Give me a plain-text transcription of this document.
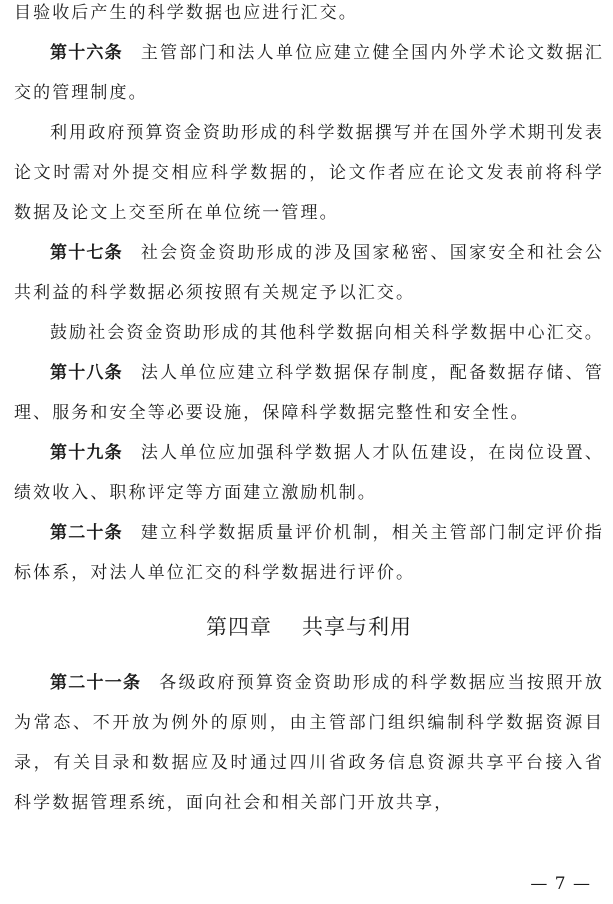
目验收后产生的科学数据也应进行汇交。

第十六条 主管部门和法人单位应建立健全国内外学术论文数据汇交的管理制度。

利用政府预算资金资助形成的科学数据撰写并在国外学术期刊发表论文时需对外提交相应科学数据的，论文作者应在论文发表前将科学数据及论文上交至所在单位统一管理。

第十七条 社会资金资助形成的涉及国家秘密、国家安全和社会公共利益的科学数据必须按照有关规定予以汇交。

鼓励社会资金资助形成的其他科学数据向相关科学数据中心汇交。

第十八条 法人单位应建立科学数据保存制度，配备数据存储、管理、服务和安全等必要设施，保障科学数据完整性和安全性。

第十九条 法人单位应加强科学数据人才队伍建设，在岗位设置、绩效收入、职称评定等方面建立激励机制。

第二十条 建立科学数据质量评价机制，相关主管部门制定评价指标体系，对法人单位汇交的科学数据进行评价。

第四章 共享与利用

第二十一条 各级政府预算资金资助形成的科学数据应当按照开放为常态、不开放为例外的原则，由主管部门组织编制科学数据资源目录，有关目录和数据应及时通过四川省政务信息资源共享平台接入省科学数据管理系统，面向社会和相关部门开放共享，

— 7 —
